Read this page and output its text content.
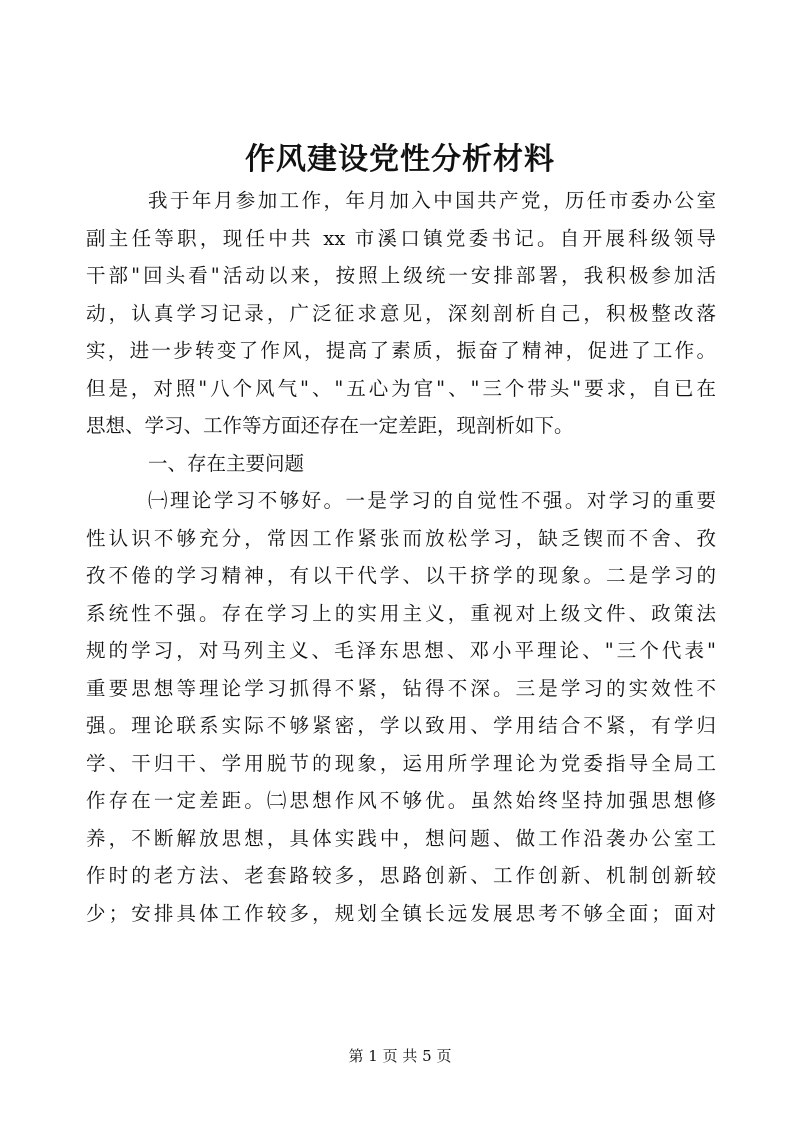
作风建设党性分析材料
我于年月参加工作，年月加入中国共产党，历任市委办公室
副主任等职，现任中共 xx 市溪口镇党委书记。自开展科级领导
干部"回头看"活动以来，按照上级统一安排部署，我积极参加活
动，认真学习记录，广泛征求意见，深刻剖析自己，积极整改落
实，进一步转变了作风，提高了素质，振奋了精神，促进了工作。
但是，对照"八个风气"、"五心为官"、"三个带头"要求，自已在
思想、学习、工作等方面还存在一定差距，现剖析如下。
一、存在主要问题
㈠理论学习不够好。一是学习的自觉性不强。对学习的重要
性认识不够充分，常因工作紧张而放松学习，缺乏锲而不舍、孜
孜不倦的学习精神，有以干代学、以干挤学的现象。二是学习的
系统性不强。存在学习上的实用主义，重视对上级文件、政策法
规的学习，对马列主义、毛泽东思想、邓小平理论、"三个代表"
重要思想等理论学习抓得不紧，钻得不深。三是学习的实效性不
强。理论联系实际不够紧密，学以致用、学用结合不紧，有学归
学、干归干、学用脱节的现象，运用所学理论为党委指导全局工
作存在一定差距。㈡思想作风不够优。虽然始终坚持加强思想修
养，不断解放思想，具体实践中，想问题、做工作沿袭办公室工
作时的老方法、老套路较多，思路创新、工作创新、机制创新较
少；安排具体工作较多，规划全镇长远发展思考不够全面；面对
第 1 页 共 5 页
